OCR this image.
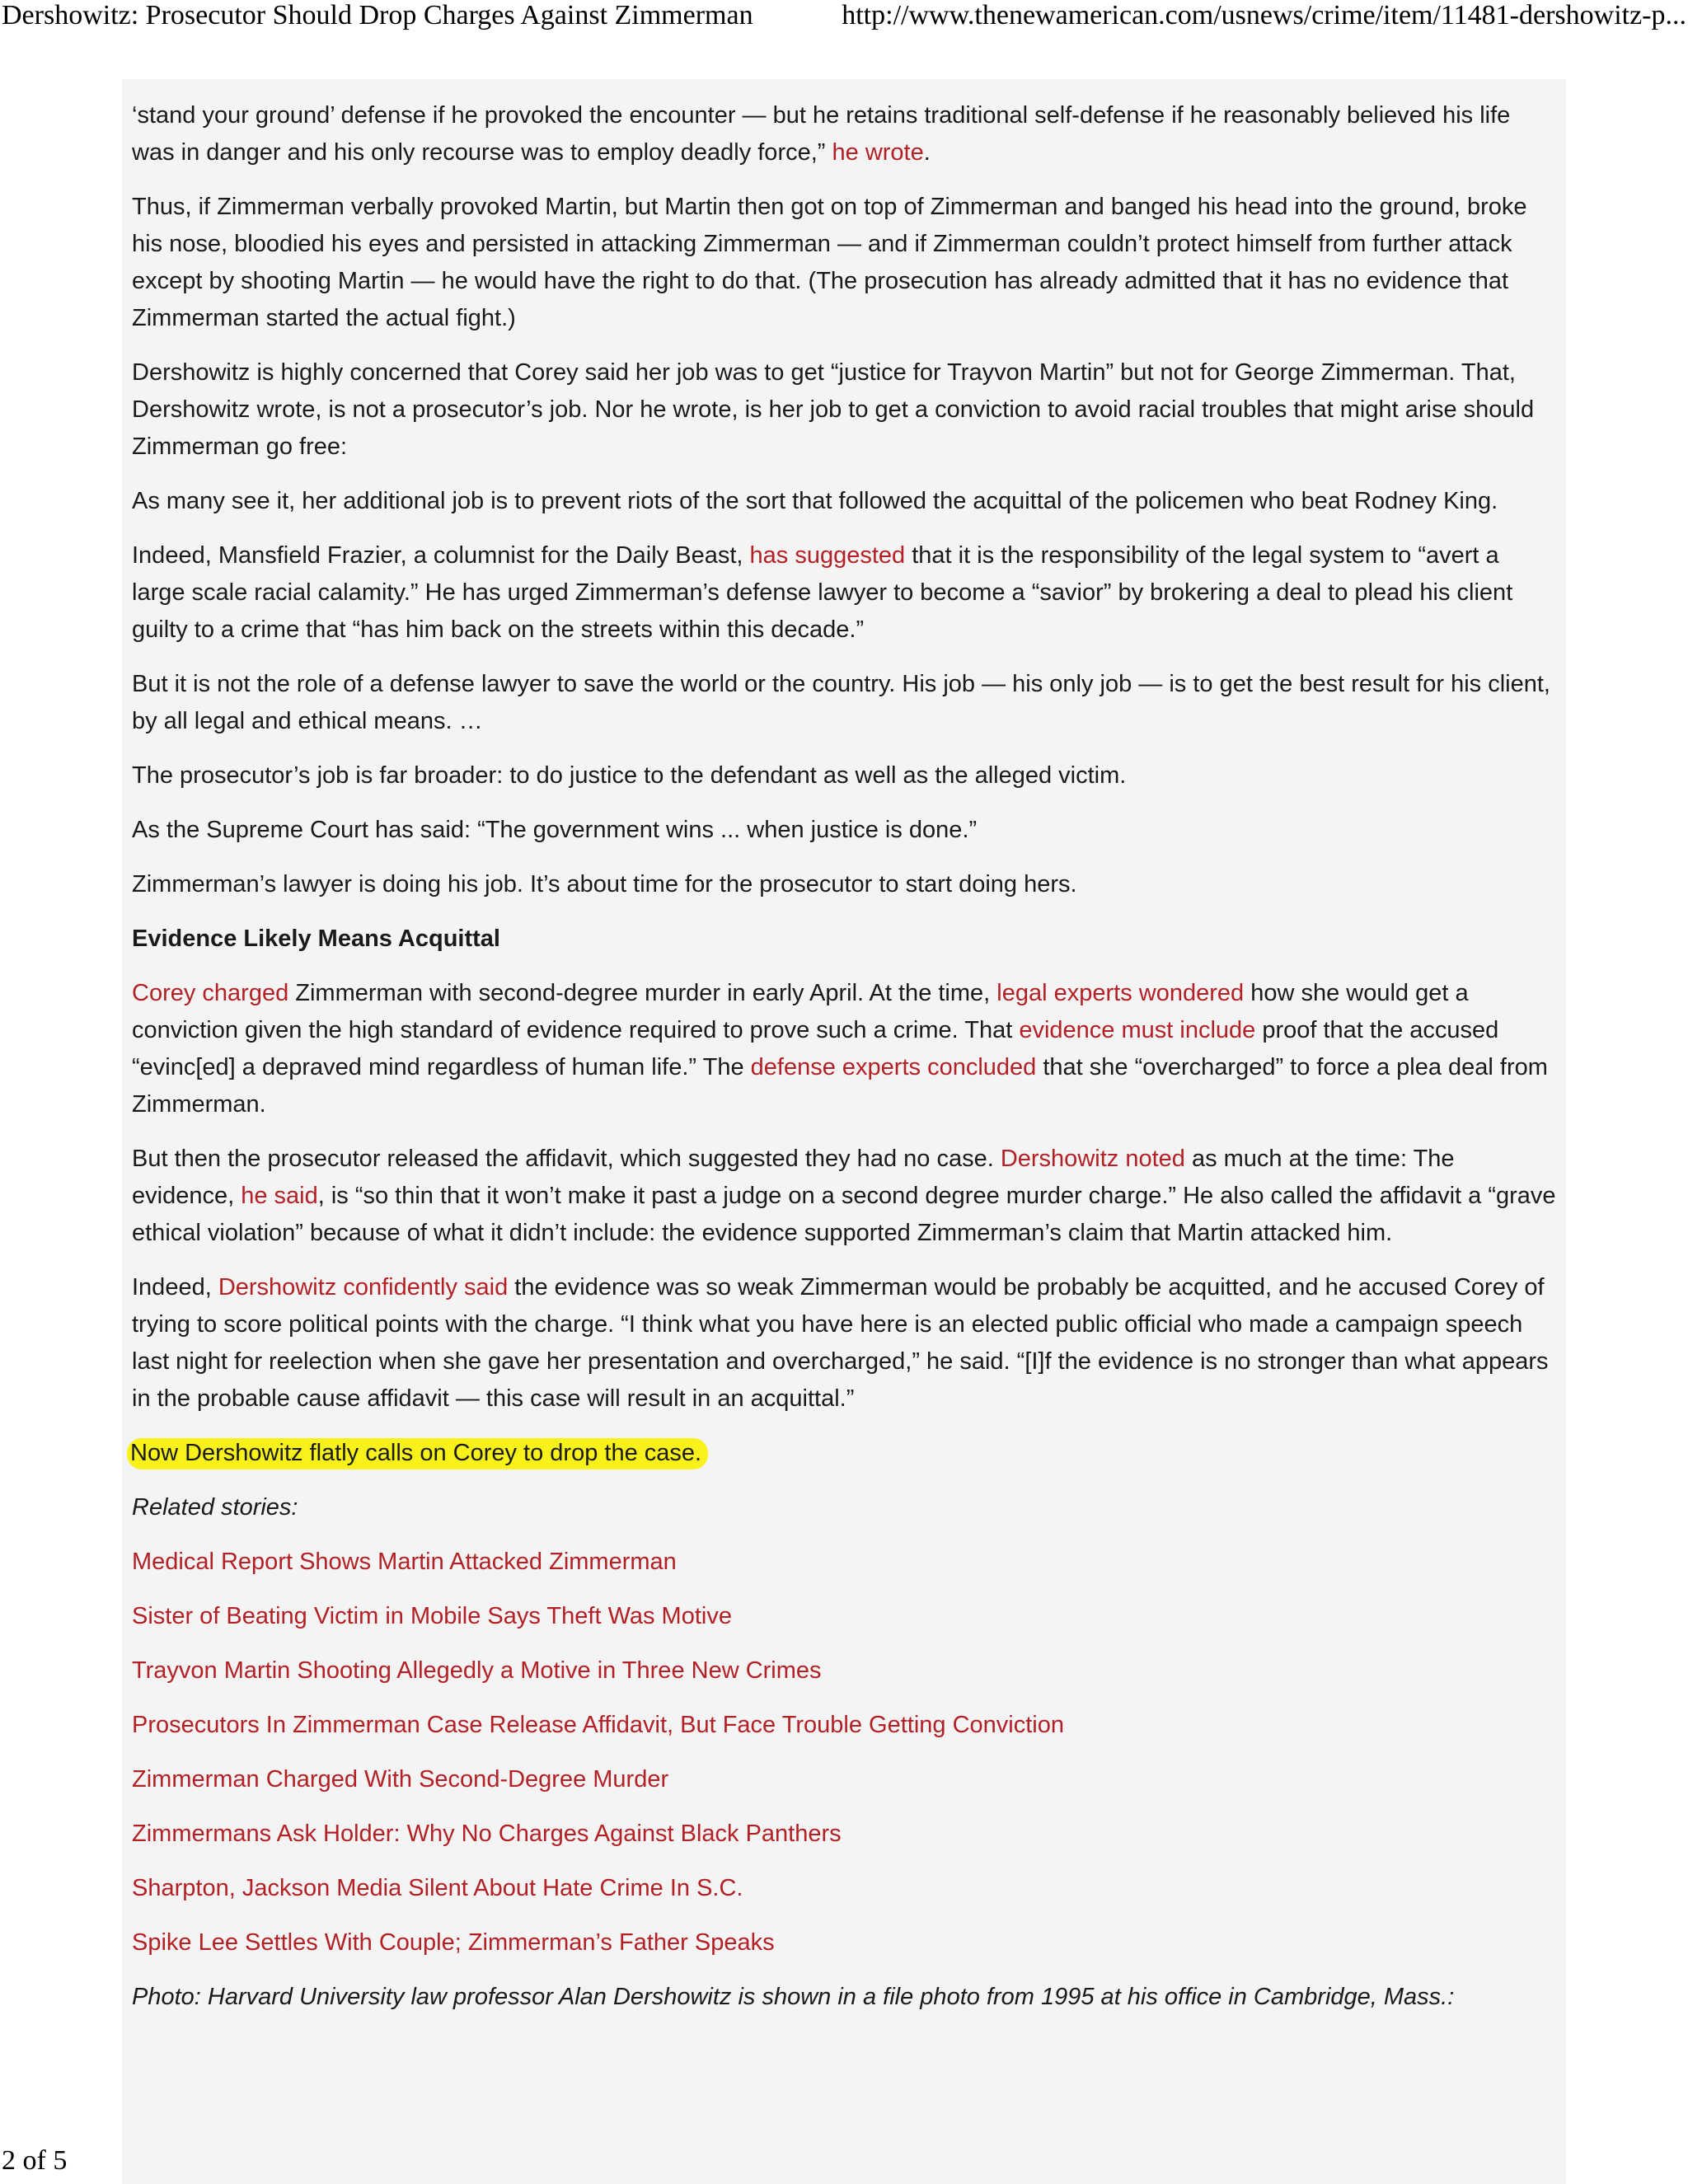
Dershowitz: Prosecutor Should Drop Charges Against Zimmerman	http://www.thenewamerican.com/usnews/crime/item/11481-dershowitz-p...

‘stand your ground’ defense if he provoked the encounter — but he retains traditional self-defense if he reasonably believed his life was in danger and his only recourse was to employ deadly force,” he wrote.

Thus, if Zimmerman verbally provoked Martin, but Martin then got on top of Zimmerman and banged his head into the ground, broke his nose, bloodied his eyes and persisted in attacking Zimmerman — and if Zimmerman couldn’t protect himself from further attack except by shooting Martin — he would have the right to do that. (The prosecution has already admitted that it has no evidence that Zimmerman started the actual fight.)

Dershowitz is highly concerned that Corey said her job was to get “justice for Trayvon Martin” but not for George Zimmerman. That, Dershowitz wrote, is not a prosecutor’s job. Nor he wrote, is her job to get a conviction to avoid racial troubles that might arise should Zimmerman go free:

As many see it, her additional job is to prevent riots of the sort that followed the acquittal of the policemen who beat Rodney King.

Indeed, Mansfield Frazier, a columnist for the Daily Beast, has suggested that it is the responsibility of the legal system to “avert a large scale racial calamity.” He has urged Zimmerman’s defense lawyer to become a “savior” by brokering a deal to plead his client guilty to a crime that “has him back on the streets within this decade.”

But it is not the role of a defense lawyer to save the world or the country. His job — his only job — is to get the best result for his client, by all legal and ethical means. …

The prosecutor’s job is far broader: to do justice to the defendant as well as the alleged victim.

As the Supreme Court has said: “The government wins ... when justice is done.”

Zimmerman’s lawyer is doing his job. It’s about time for the prosecutor to start doing hers.

Evidence Likely Means Acquittal

Corey charged Zimmerman with second-degree murder in early April. At the time, legal experts wondered how she would get a conviction given the high standard of evidence required to prove such a crime. That evidence must include proof that the accused “evinc[ed] a depraved mind regardless of human life.” The defense experts concluded that she “overcharged” to force a plea deal from Zimmerman.

But then the prosecutor released the affidavit, which suggested they had no case. Dershowitz noted as much at the time: The evidence, he said, is “so thin that it won’t make it past a judge on a second degree murder charge.” He also called the affidavit a “grave ethical violation” because of what it didn’t include: the evidence supported Zimmerman’s claim that Martin attacked him.

Indeed, Dershowitz confidently said the evidence was so weak Zimmerman would be probably be acquitted, and he accused Corey of trying to score political points with the charge. “I think what you have here is an elected public official who made a campaign speech last night for reelection when she gave her presentation and overcharged,” he said. “[I]f the evidence is no stronger than what appears in the probable cause affidavit — this case will result in an acquittal.”

Now Dershowitz flatly calls on Corey to drop the case.

Related stories:
Medical Report Shows Martin Attacked Zimmerman
Sister of Beating Victim in Mobile Says Theft Was Motive
Trayvon Martin Shooting Allegedly a Motive in Three New Crimes
Prosecutors In Zimmerman Case Release Affidavit, But Face Trouble Getting Conviction
Zimmerman Charged With Second-Degree Murder
Zimmermans Ask Holder: Why No Charges Against Black Panthers
Sharpton, Jackson Media Silent About Hate Crime In S.C.
Spike Lee Settles With Couple; Zimmerman’s Father Speaks

Photo: Harvard University law professor Alan Dershowitz is shown in a file photo from 1995 at his office in Cambridge, Mass.:

2 of 5
